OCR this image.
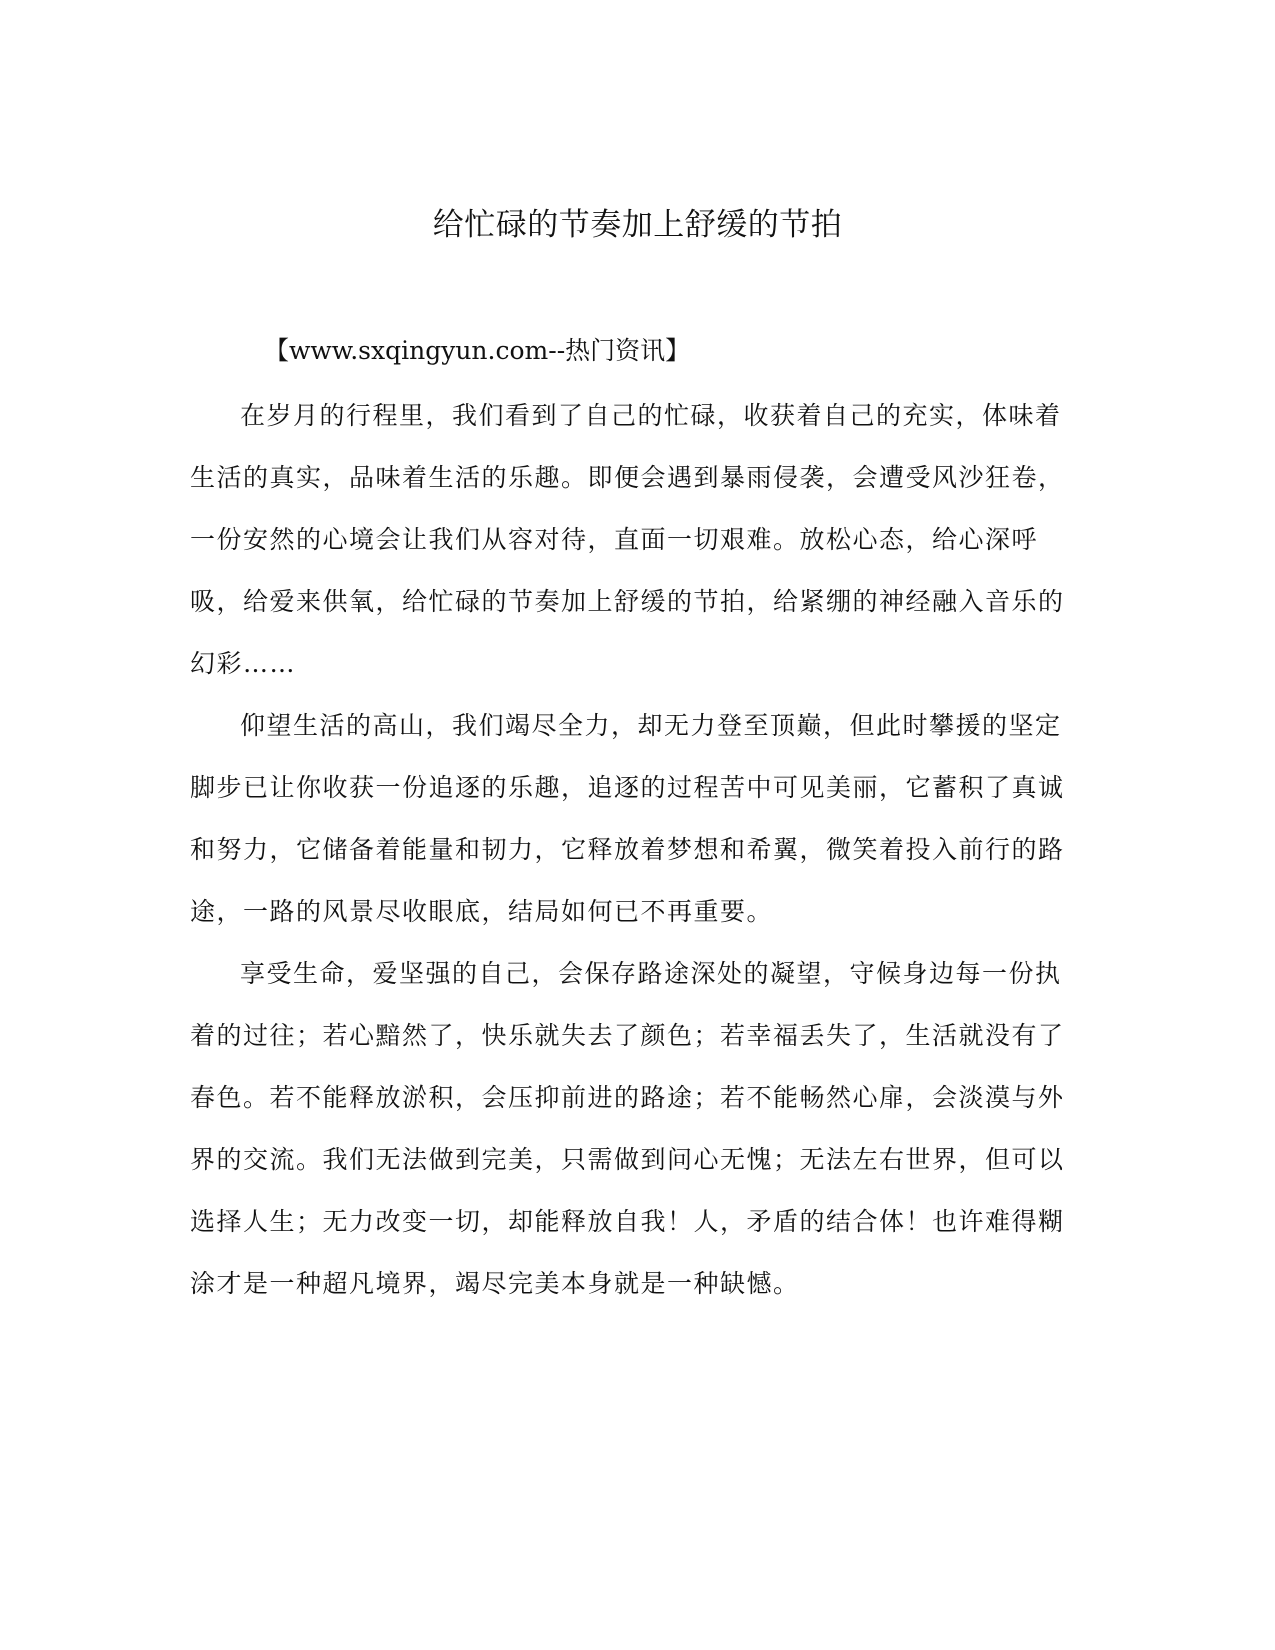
给忙碌的节奏加上舒缓的节拍
【www.sxqingyun.com--热门资讯】

在岁月的行程里，我们看到了自己的忙碌，收获着自己的充实，体味着生活的真实，品味着生活的乐趣。即便会遇到暴雨侵袭，会遭受风沙狂卷，一份安然的心境会让我们从容对待，直面一切艰难。放松心态，给心深呼吸，给爱来供氧，给忙碌的节奏加上舒缓的节拍，给紧绷的神经融入音乐的幻彩……

仰望生活的高山，我们竭尽全力，却无力登至顶巅，但此时攀援的坚定脚步已让你收获一份追逐的乐趣，追逐的过程苦中可见美丽，它蓄积了真诚和努力，它储备着能量和韧力，它释放着梦想和希翼，微笑着投入前行的路途，一路的风景尽收眼底，结局如何已不再重要。

享受生命，爱坚强的自己，会保存路途深处的凝望，守候身边每一份执着的过往；若心黯然了，快乐就失去了颜色；若幸福丢失了，生活就没有了春色。若不能释放淤积，会压抑前进的路途；若不能畅然心扉，会淡漠与外界的交流。我们无法做到完美，只需做到问心无愧；无法左右世界，但可以选择人生；无力改变一切，却能释放自我！人，矛盾的结合体！也许难得糊涂才是一种超凡境界，竭尽完美本身就是一种缺憾。
